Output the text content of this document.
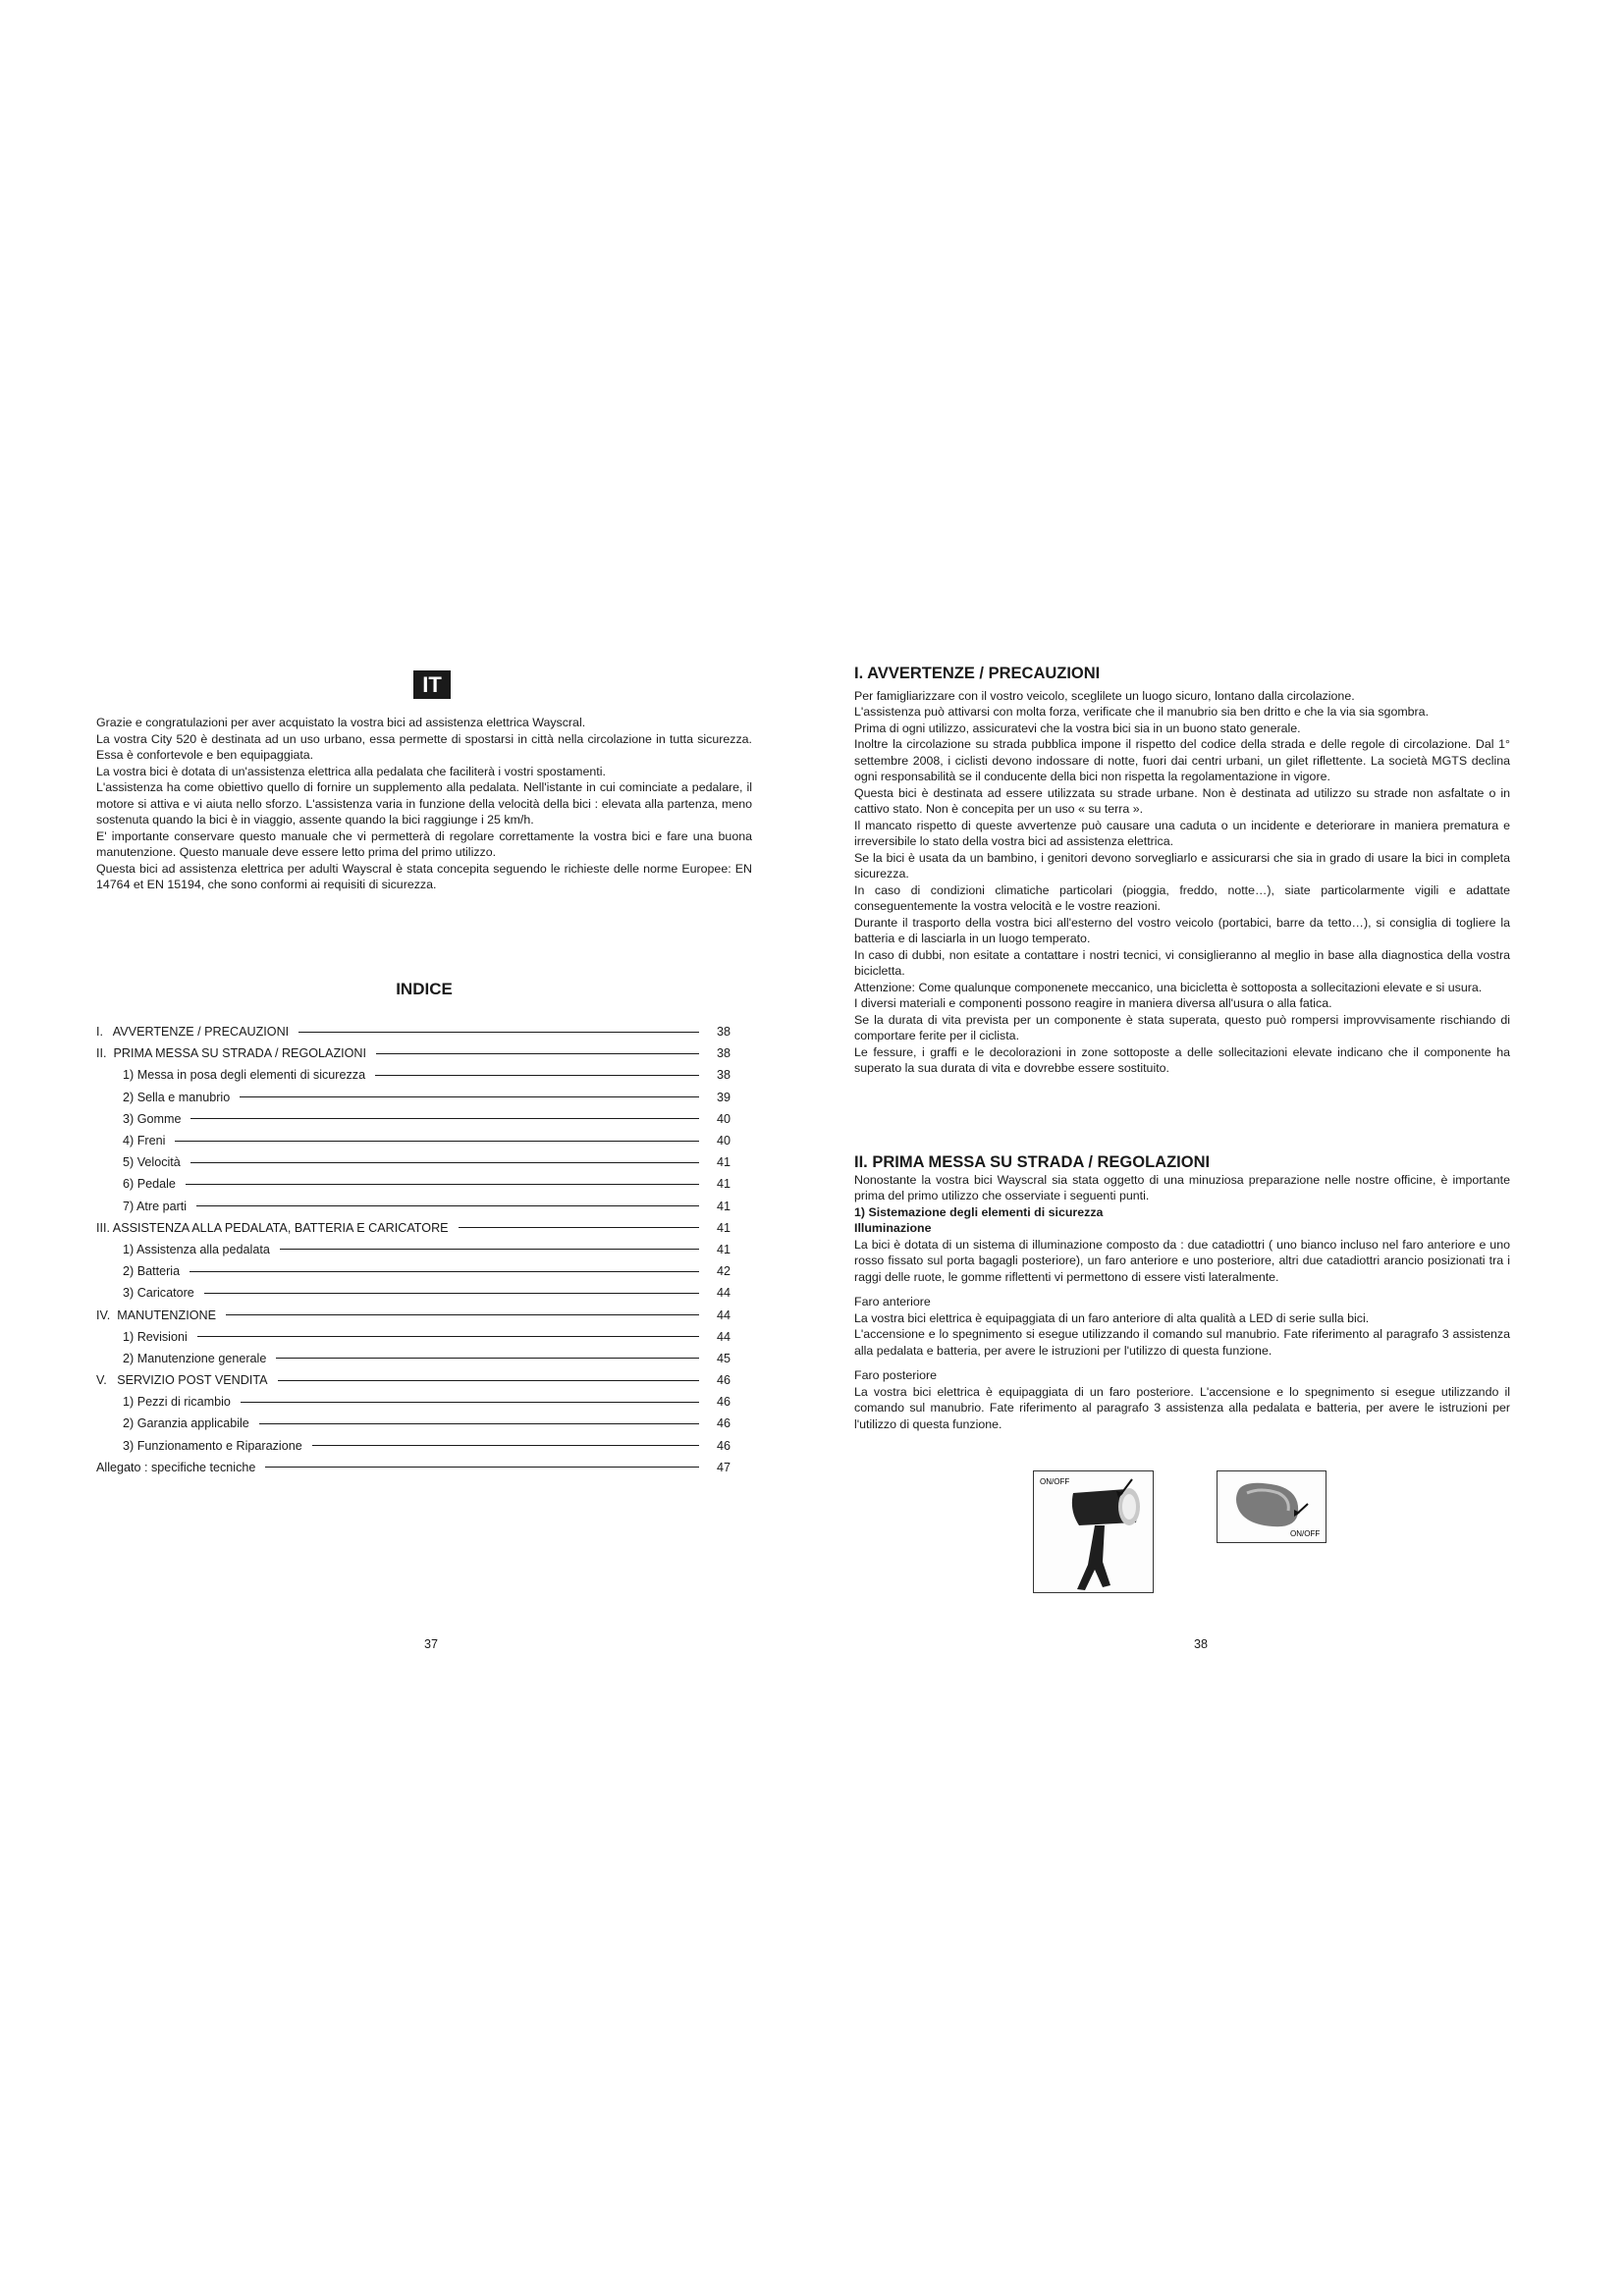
IT

Grazie e congratulazioni per aver acquistato la vostra bici ad assistenza elettrica Wayscral.

La vostra City 520 è destinata ad un uso urbano, essa permette di spostarsi in città nella circolazione in tutta sicurezza. Essa è confortevole e ben equipaggiata.

La vostra bici è dotata di un'assistenza elettrica alla pedalata che faciliterà i vostri spostamenti.

L'assistenza ha come obiettivo quello di fornire un supplemento alla pedalata. Nell'istante in cui cominciate a pedalare, il motore si attiva e vi aiuta nello sforzo. L'assistenza varia in funzione della velocità della bici : elevata alla partenza, meno sostenuta quando la bici è in viaggio, assente quando la bici raggiunge i 25 km/h.

E' importante conservare questo manuale che vi permetterà di regolare correttamente la vostra bici e fare una buona manutenzione. Questo manuale deve essere letto prima del primo utilizzo.

Questa bici ad assistenza elettrica per adulti Wayscral è stata concepita seguendo le richieste delle norme Europee: EN 14764 et EN 15194, che sono conformi ai requisiti di sicurezza.

INDICE
I.   AVVERTENZE / PRECAUZIONI	38
II.  PRIMA MESSA SU STRADA / REGOLAZIONI	38
1) Messa in posa degli elementi di sicurezza	38
2) Sella e manubrio	39
3) Gomme	40
4) Freni	40
5) Velocità	41
6) Pedale	41
7) Atre parti	41
III. ASSISTENZA ALLA PEDALATA, BATTERIA E CARICATORE	41
1) Assistenza alla pedalata	41
2) Batteria	42
3) Caricatore	44
IV.  MANUTENZIONE	44
1) Revisioni	44
2) Manutenzione generale	45
V.   SERVIZIO POST VENDITA	46
1) Pezzi di ricambio	46
2) Garanzia applicabile	46
3) Funzionamento e Riparazione	46
Allegato : specifiche tecniche	47
37
I. AVVERTENZE / PRECAUZIONI

Per famigliarizzare con il vostro veicolo, sceglilete un luogo sicuro, lontano dalla circolazione.

L'assistenza può attivarsi con molta forza, verificate che il manubrio sia ben dritto e che la via sia sgombra.

Prima di ogni utilizzo, assicuratevi che la vostra bici sia in un buono stato generale.

Inoltre la circolazione su strada pubblica impone il rispetto del codice della strada e delle regole di circolazione. Dal 1° settembre 2008, i ciclisti devono indossare di notte, fuori dai centri urbani, un gilet riflettente. La società MGTS declina ogni responsabilità se il conducente della bici non rispetta la regolamentazione in vigore.

Questa bici è destinata ad essere utilizzata su strade urbane. Non è destinata ad utilizzo su strade non asfaltate o in cattivo stato. Non è concepita per un uso « su terra ».

Il mancato rispetto di queste avvertenze può causare una caduta o un incidente e deteriorare in maniera prematura e irreversibile lo stato della vostra bici ad assistenza elettrica.

Se la bici è usata da un bambino, i genitori devono sorvegliarlo e assicurarsi che sia in grado di usare la bici in completa sicurezza.

In caso di condizioni climatiche particolari (pioggia, freddo, notte…), siate particolarmente vigili e adattate conseguentemente la vostra velocità e le vostre reazioni.

Durante il trasporto della vostra bici all'esterno del vostro veicolo (portabici, barre da tetto…), si consiglia di togliere la batteria e di lasciarla in un luogo temperato.

In caso di dubbi, non esitate a contattare i nostri tecnici, vi consiglieranno al meglio in base alla diagnostica della vostra bicicletta.

Attenzione: Come qualunque componenete meccanico, una bicicletta è sottoposta a sollecitazioni elevate e si usura.

I diversi materiali e componenti possono reagire in maniera diversa all'usura o alla fatica.

Se la durata di vita prevista per un componente è stata superata, questo può rompersi improvvisamente rischiando di comportare ferite per il ciclista.

Le fessure, i graffi e le decolorazioni in zone sottoposte a delle sollecitazioni elevate indicano che il componente ha superato la sua durata di vita e dovrebbe essere sostituito.

II. PRIMA MESSA SU STRADA / REGOLAZIONI

Nonostante la vostra bici Wayscral sia stata oggetto di una minuziosa preparazione nelle nostre officine, è importante prima del primo utilizzo che osserviate i seguenti punti.

1) Sistemazione degli elementi di sicurezza

Illuminazione

La bici è dotata di un sistema di illuminazione composto da : due catadiottri ( uno bianco incluso nel faro anteriore e uno rosso fissato sul porta bagagli posteriore), un faro anteriore e uno posteriore, altri due catadiottri arancio posizionati tra i raggi delle ruote, le gomme riflettenti vi permettono di essere visti lateralmente.

Faro anteriore

La vostra bici elettrica è equipaggiata di un faro anteriore di alta qualità a LED di serie sulla bici.

L'accensione e lo spegnimento si esegue utilizzando il comando sul manubrio. Fate riferimento al paragrafo 3 assistenza alla pedalata e batteria, per avere le istruzioni per l'utilizzo di questa funzione.

Faro posteriore

La vostra bici elettrica è equipaggiata di un faro posteriore. L'accensione e lo spegnimento si esegue utilizzando il comando sul manubrio. Fate riferimento al paragrafo 3 assistenza alla pedalata e batteria, per avere le istruzioni per l'utilizzo di questa funzione.

ON/OFF
ON/OFF
38
